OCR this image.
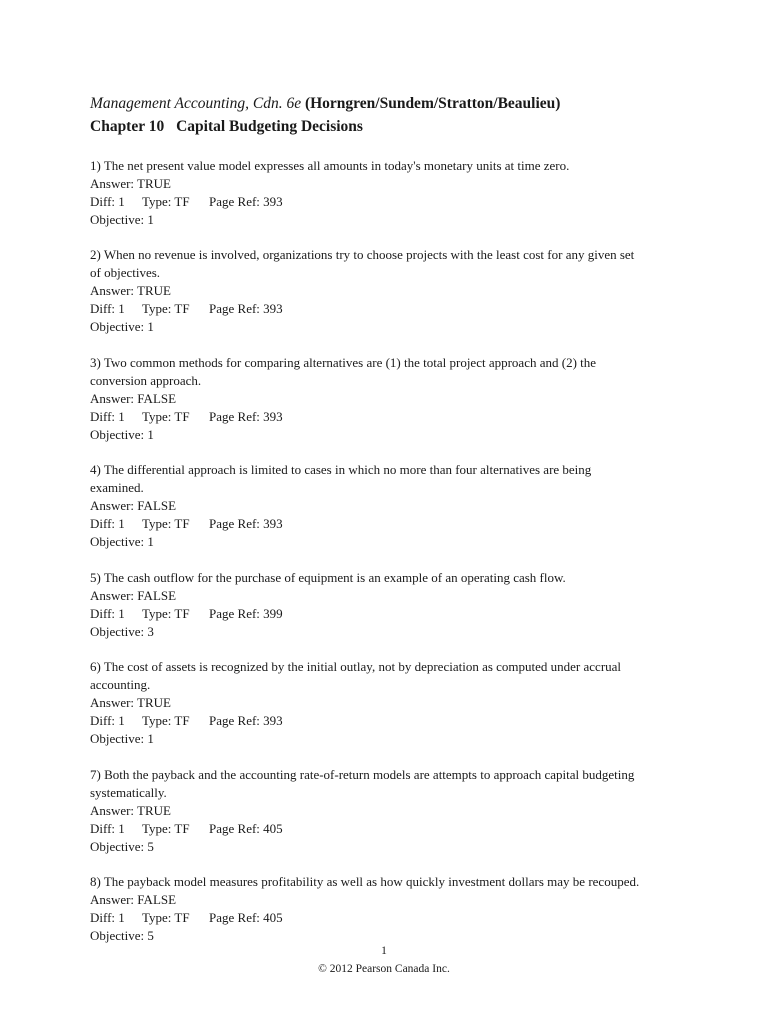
Management Accounting, Cdn. 6e (Horngren/Sundem/Stratton/Beaulieu)
Chapter 10 Capital Budgeting Decisions
1) The net present value model expresses all amounts in today's monetary units at time zero.
Answer: TRUE
Diff: 1 Type: TF Page Ref: 393
Objective: 1
2) When no revenue is involved, organizations try to choose projects with the least cost for any given set
of objectives.
Answer: TRUE
Diff: 1 Type: TF Page Ref: 393
Objective: 1
3) Two common methods for comparing alternatives are (1) the total project approach and (2) the
conversion approach.
Answer: FALSE
Diff: 1 Type: TF Page Ref: 393
Objective: 1
4) The differential approach is limited to cases in which no more than four alternatives are being
examined.
Answer: FALSE
Diff: 1 Type: TF Page Ref: 393
Objective: 1
5) The cash outflow for the purchase of equipment is an example of an operating cash flow.
Answer: FALSE
Diff: 1 Type: TF Page Ref: 399
Objective: 3
6) The cost of assets is recognized by the initial outlay, not by depreciation as computed under accrual
accounting.
Answer: TRUE
Diff: 1 Type: TF Page Ref: 393
Objective: 1
7) Both the payback and the accounting rate-of-return models are attempts to approach capital budgeting
systematically.
Answer: TRUE
Diff: 1 Type: TF Page Ref: 405
Objective: 5
8) The payback model measures profitability as well as how quickly investment dollars may be recouped.
Answer: FALSE
Diff: 1 Type: TF Page Ref: 405
Objective: 5
1
© 2012 Pearson Canada Inc.
